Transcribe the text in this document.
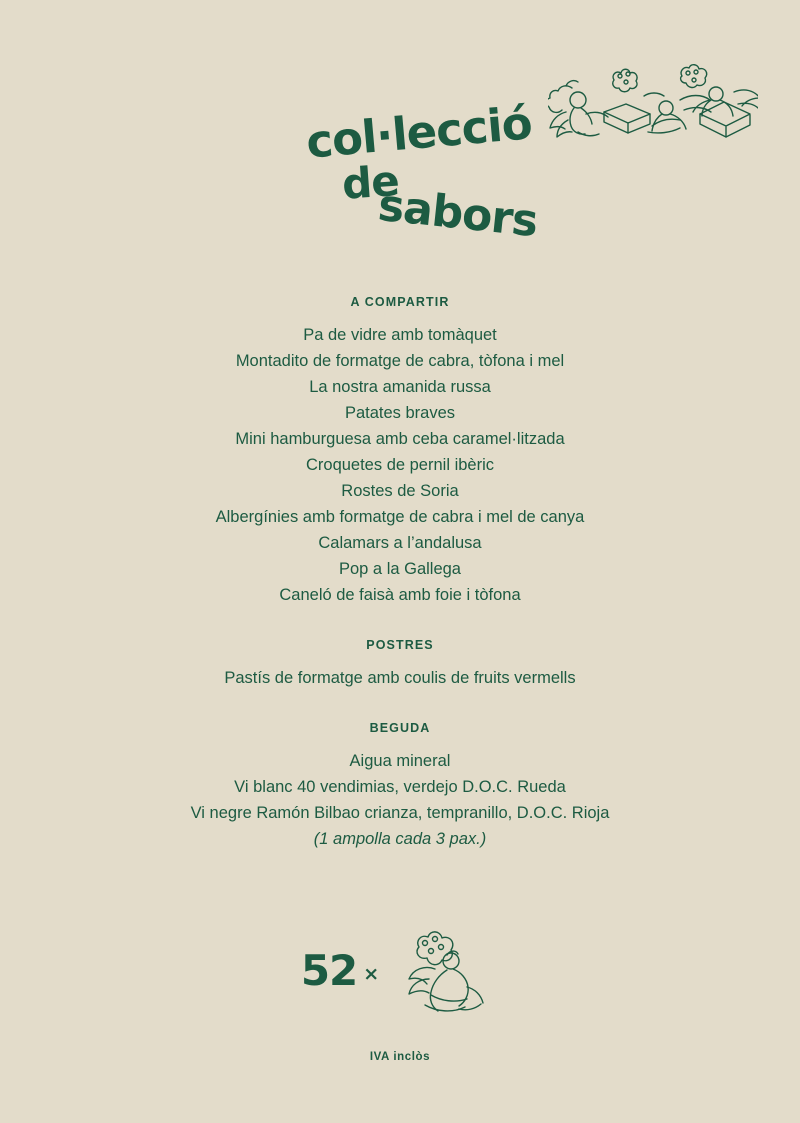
col·lecció
de
sabors
A COMPARTIR

Pa de vidre amb tomàquet

Montadito de formatge de cabra, tòfona i mel

La nostra amanida russa

Patates braves

Mini hamburguesa amb ceba caramel·litzada

Croquetes de pernil ibèric

Rostes de Soria

Albergínies amb formatge de cabra i mel de canya

Calamars a l’andalusa

Pop a la Gallega

Caneló de faisà amb foie i tòfona

POSTRES

Pastís de formatge amb coulis de fruits vermells

BEGUDA

Aigua mineral

Vi blanc 40 vendimias, verdejo D.O.C. Rueda

Vi negre Ramón Bilbao crianza, tempranillo, D.O.C. Rioja

(1 ampolla cada 3 pax.)

52 ×
IVA inclòs
